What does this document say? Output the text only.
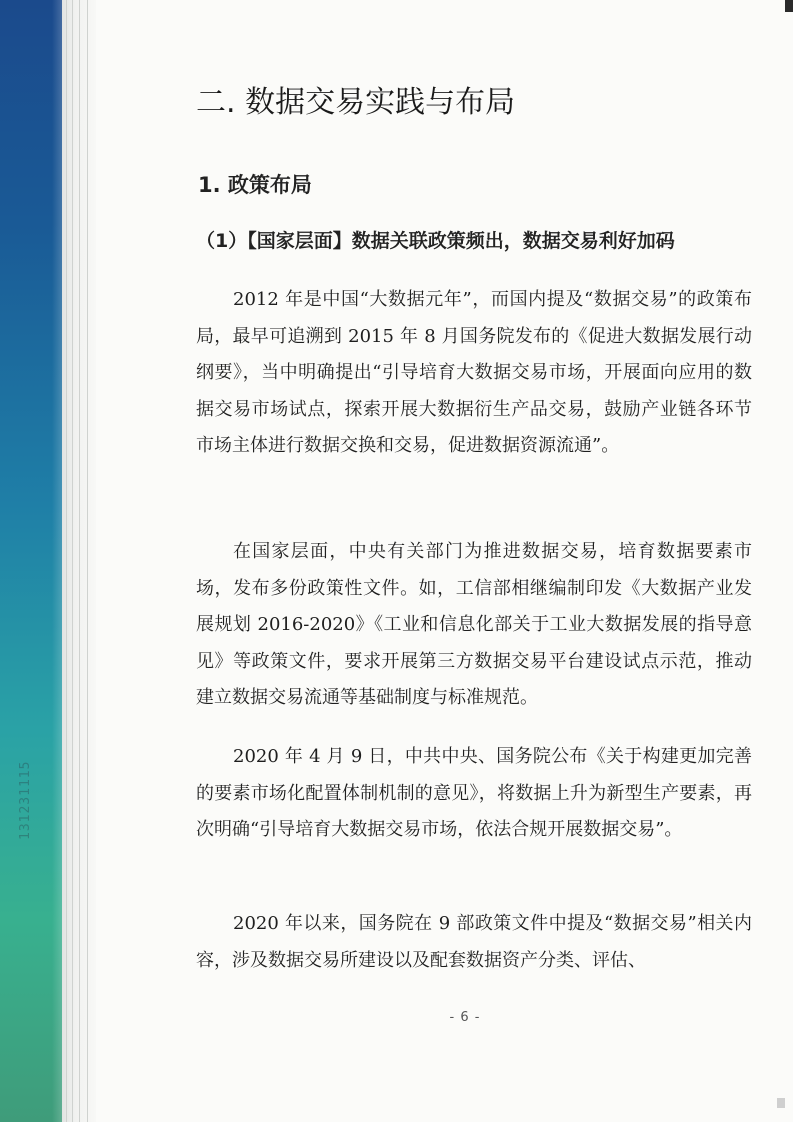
131231115
二. 数据交易实践与布局
1. 政策布局
（1）【国家层面】数据关联政策频出，数据交易利好加码

2012 年是中国“大数据元年”，而国内提及“数据交易”的政策布局，最早可追溯到 2015 年 8 月国务院发布的《促进大数据发展行动纲要》，当中明确提出“引导培育大数据交易市场，开展面向应用的数据交易市场试点，探索开展大数据衍生产品交易，鼓励产业链各环节市场主体进行数据交换和交易，促进数据资源流通”。

在国家层面，中央有关部门为推进数据交易，培育数据要素市场，发布多份政策性文件。如，工信部相继编制印发《大数据产业发展规划 2016-2020》《工业和信息化部关于工业大数据发展的指导意见》等政策文件，要求开展第三方数据交易平台建设试点示范，推动建立数据交易流通等基础制度与标准规范。

2020 年 4 月 9 日，中共中央、国务院公布《关于构建更加完善的要素市场化配置体制机制的意见》，将数据上升为新型生产要素，再次明确“引导培育大数据交易市场，依法合规开展数据交易”。

2020 年以来，国务院在 9 部政策文件中提及“数据交易”相关内容，涉及数据交易所建设以及配套数据资产分类、评估、

- 6 -
